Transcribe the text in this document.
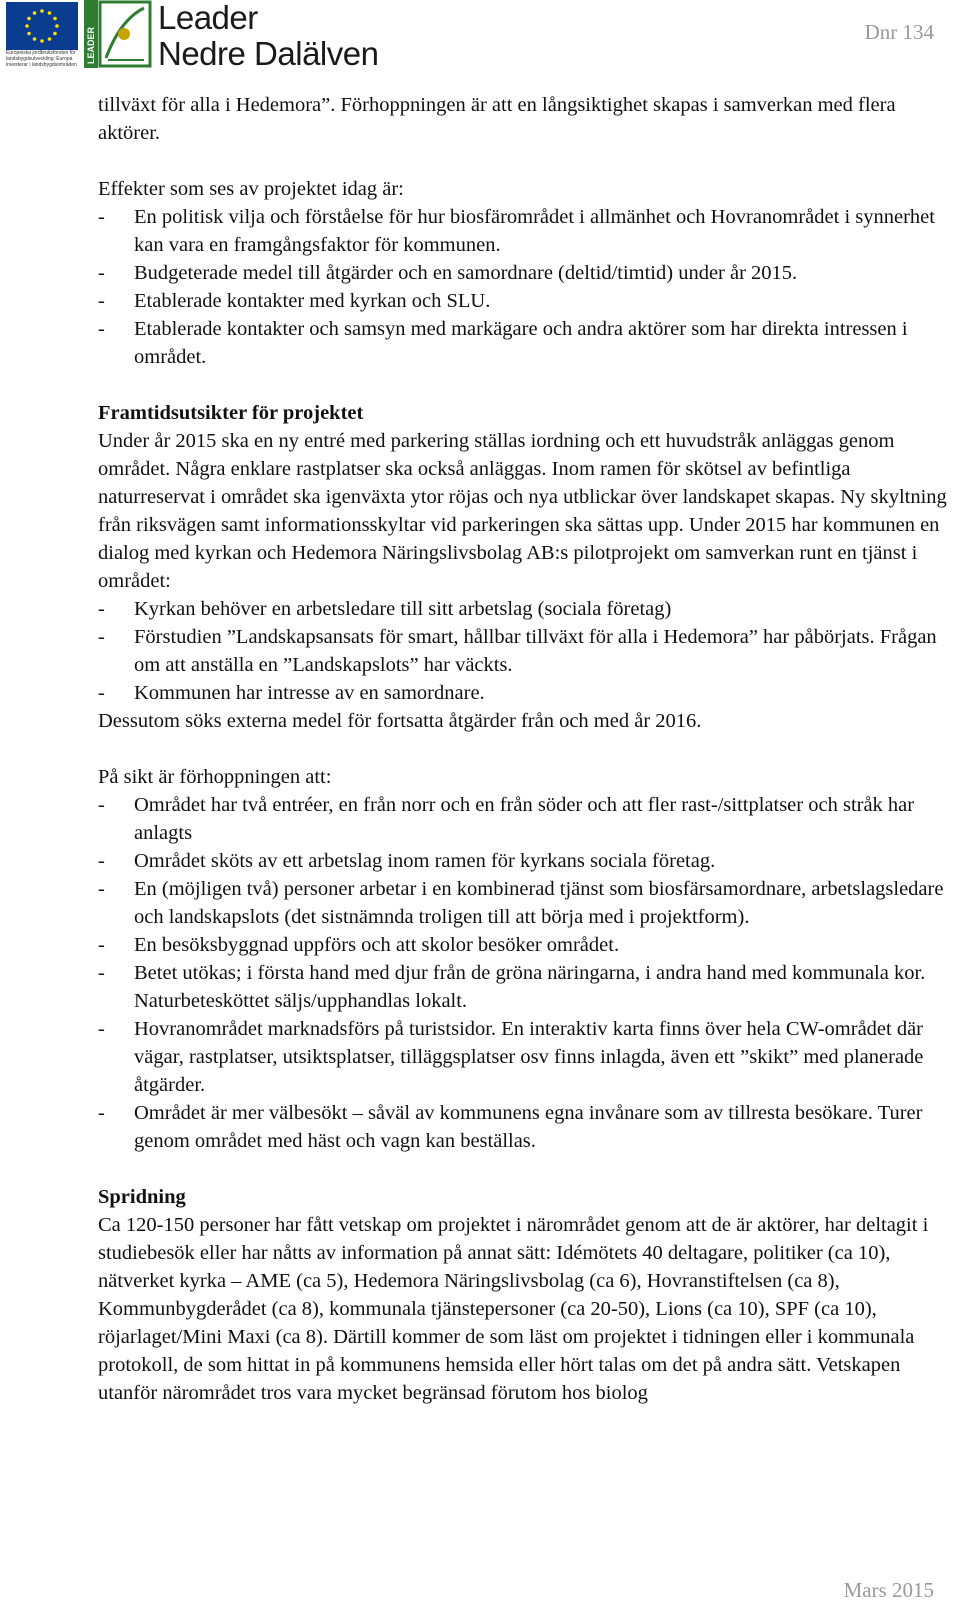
Europeiska jordbruksfonden för landsbygdsutveckling: Europa investerar i landsbygdsområden
LEADER
Leader
Nedre Dalälven
Dnr 134

tillväxt för alla i Hedemora”. Förhoppningen är att en långsiktighet skapas i samverkan med flera aktörer.

Effekter som ses av projektet idag är:

- En politisk vilja och förståelse för hur biosfärområdet i allmänhet och Hovranområdet i synnerhet kan vara en framgångsfaktor för kommunen.
- Budgeterade medel till åtgärder och en samordnare (deltid/timtid) under år 2015.
- Etablerade kontakter med kyrkan och SLU.
- Etablerade kontakter och samsyn med markägare och andra aktörer som har direkta intressen i området.
Framtidsutsikter för projektet

Under år 2015 ska en ny entré med parkering ställas iordning och ett huvudstråk anläggas genom området. Några enklare rastplatser ska också anläggas. Inom ramen för skötsel av befintliga naturreservat i området ska igenväxta ytor röjas och nya utblickar över landskapet skapas. Ny skyltning från riksvägen samt informationsskyltar vid parkeringen ska sättas upp. Under 2015 har kommunen en dialog med kyrkan och Hedemora Näringslivsbolag AB:s pilotprojekt om samverkan runt en tjänst i området:

- Kyrkan behöver en arbetsledare till sitt arbetslag (sociala företag)
- Förstudien ”Landskapsansats för smart, hållbar tillväxt för alla i Hedemora” har påbörjats. Frågan om att anställa en ”Landskapslots” har väckts.
- Kommunen har intresse av en samordnare.

Dessutom söks externa medel för fortsatta åtgärder från och med år 2016.

På sikt är förhoppningen att:

- Området har två entréer, en från norr och en från söder och att fler rast-/sittplatser och stråk har anlagts
- Området sköts av ett arbetslag inom ramen för kyrkans sociala företag.
- En (möjligen två) personer arbetar i en kombinerad tjänst som biosfärsamordnare, arbetslagsledare och landskapslots (det sistnämnda troligen till att börja med i projektform).
- En besöksbyggnad uppförs och att skolor besöker området.
- Betet utökas; i första hand med djur från de gröna näringarna, i andra hand med kommunala kor. Naturbetesköttet säljs/upphandlas lokalt.
- Hovranområdet marknadsförs på turistsidor. En interaktiv karta finns över hela CW-området där vägar, rastplatser, utsiktsplatser, tilläggsplatser osv finns inlagda, även ett ”skikt” med planerade åtgärder.
- Området är mer välbesökt – såväl av kommunens egna invånare som av tillresta besökare. Turer genom området med häst och vagn kan beställas.
Spridning

Ca 120-150 personer har fått vetskap om projektet i närområdet genom att de är aktörer, har deltagit i studiebesök eller har nåtts av information på annat sätt: Idémötets 40 deltagare, politiker (ca 10), nätverket kyrka – AME (ca 5), Hedemora Näringslivsbolag (ca 6), Hovranstiftelsen (ca 8), Kommunbygderådet (ca 8), kommunala tjänstepersoner (ca 20-50), Lions (ca 10), SPF (ca 10), röjarlaget/Mini Maxi (ca 8). Därtill kommer de som läst om projektet i tidningen eller i kommunala protokoll, de som hittat in på kommunens hemsida eller hört talas om det på andra sätt. Vetskapen utanför närområdet tros vara mycket begränsad förutom hos biolog

Mars 2015
